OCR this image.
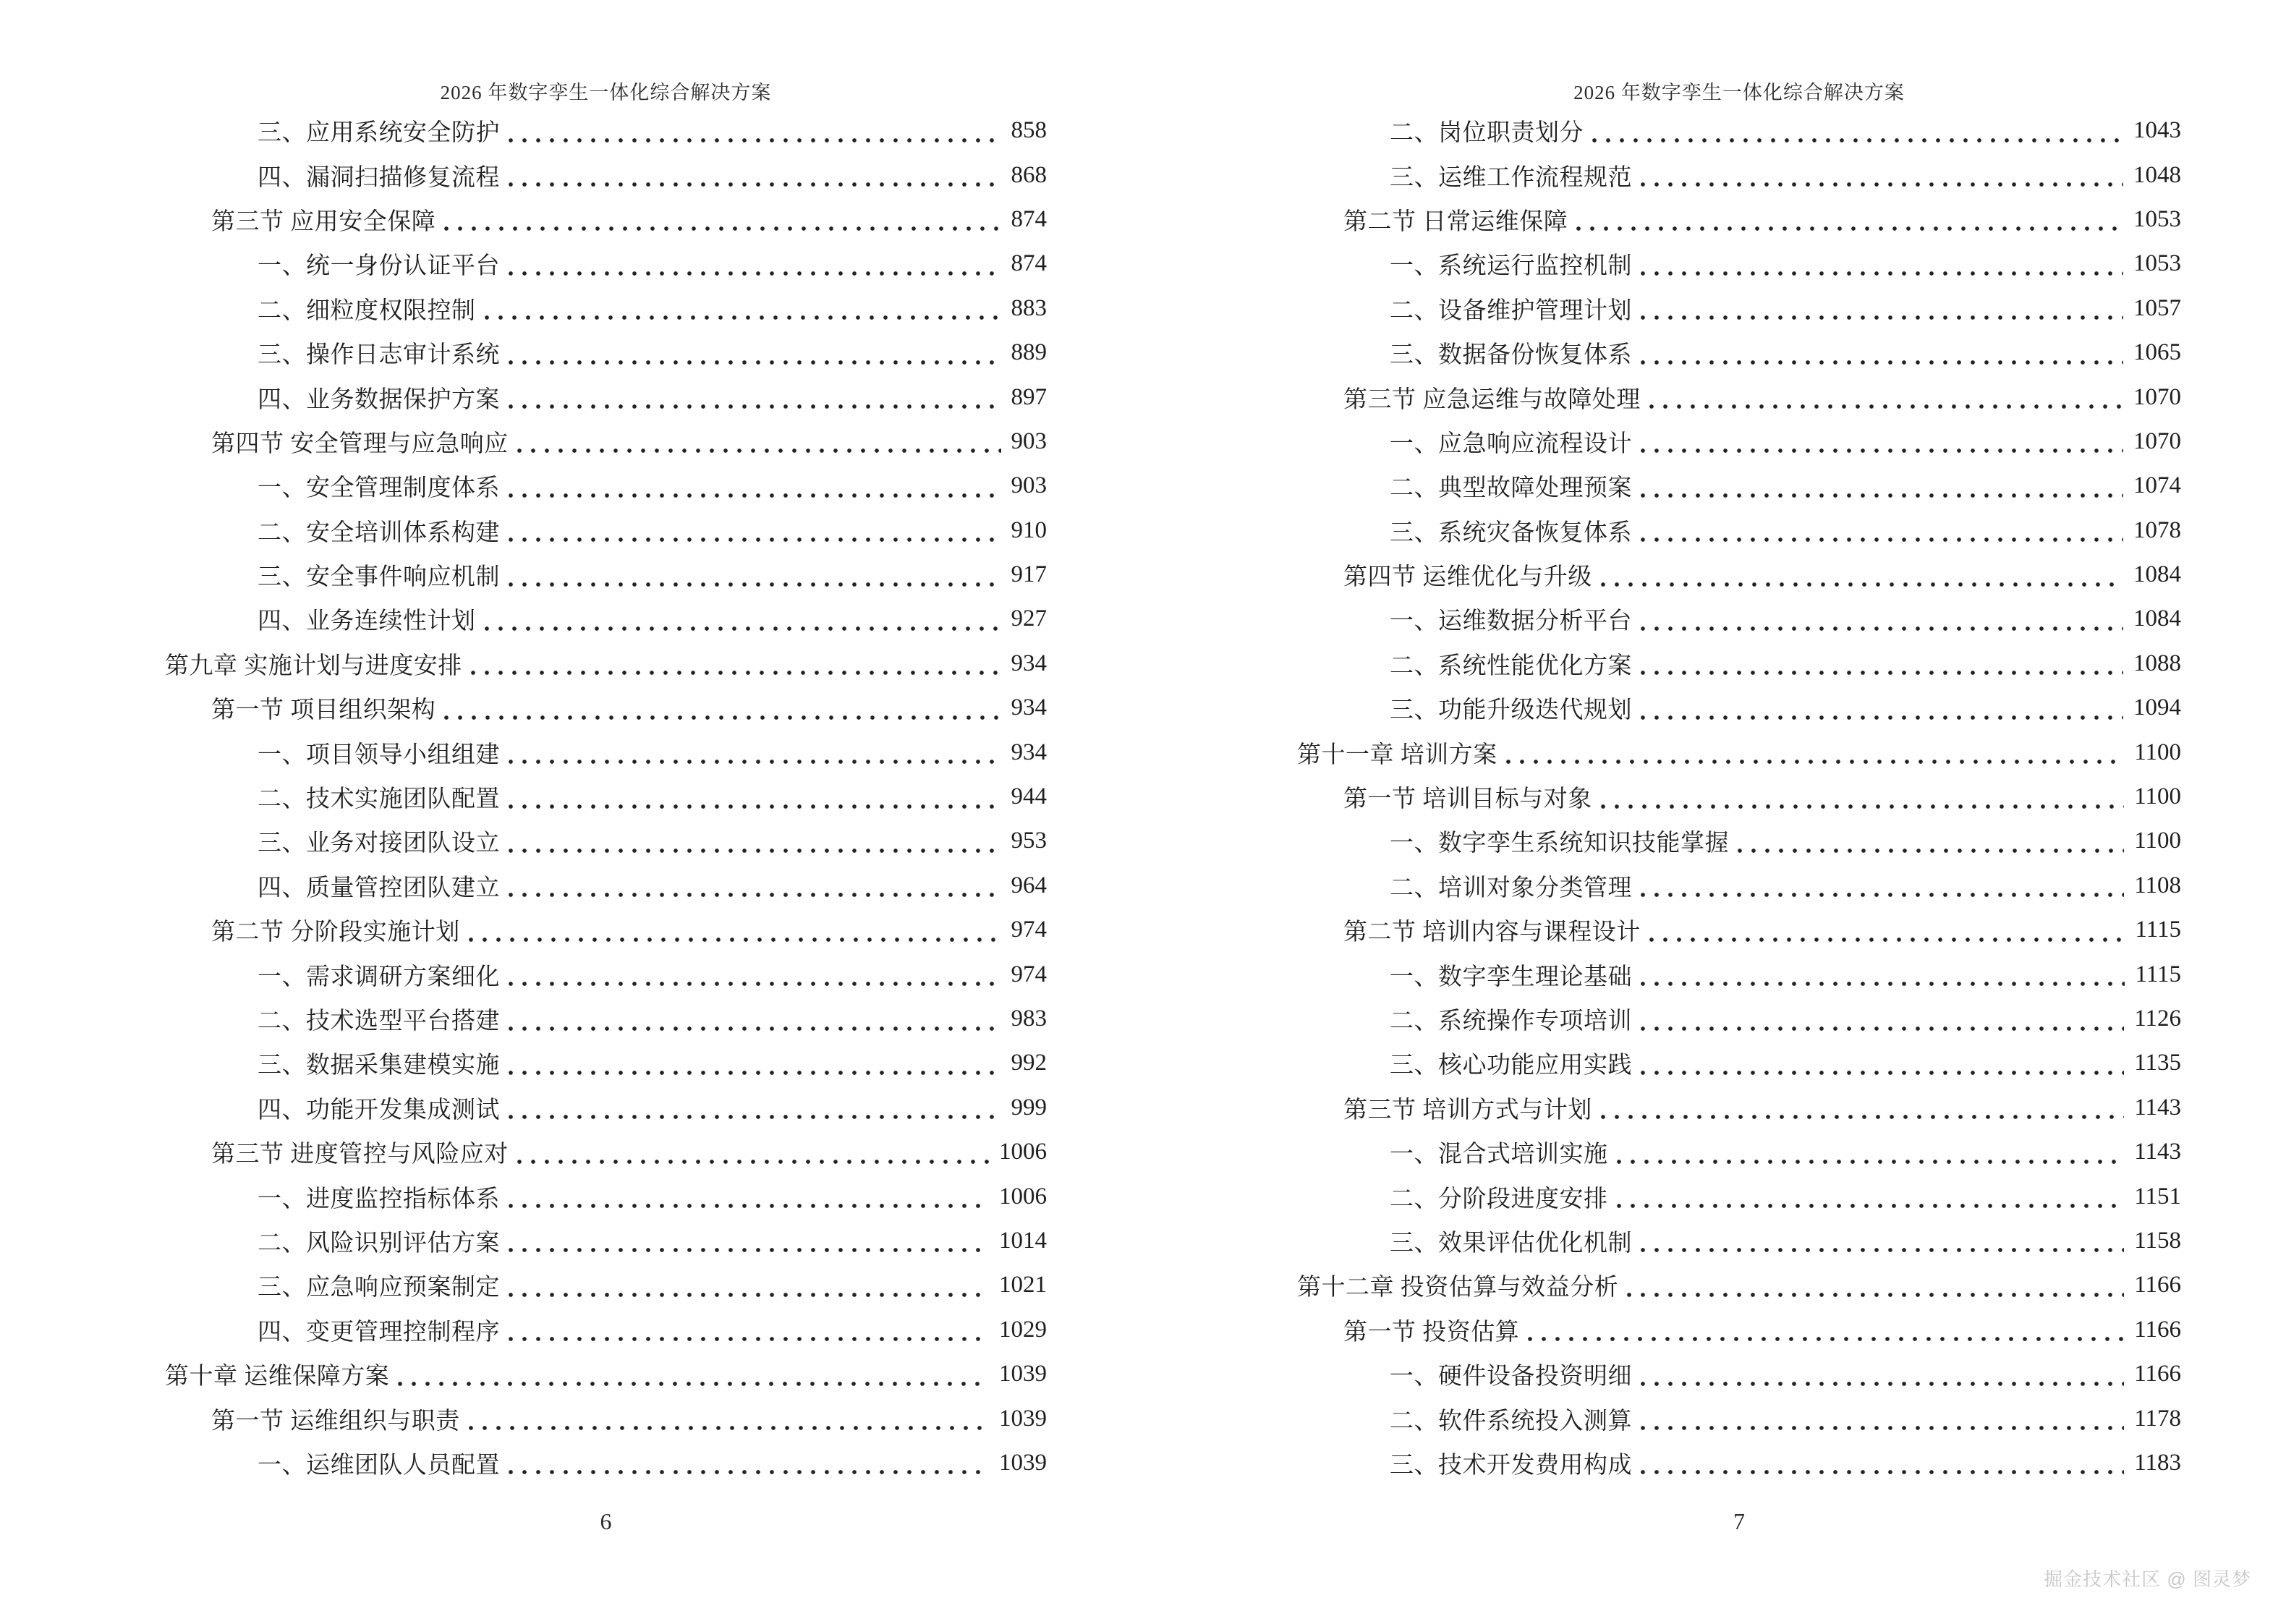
2026 年数字孪生一体化综合解决方案
三、应用系统安全防护	858
四、漏洞扫描修复流程	868
第三节 应用安全保障	874
一、统一身份认证平台	874
二、细粒度权限控制	883
三、操作日志审计系统	889
四、业务数据保护方案	897
第四节 安全管理与应急响应	903
一、安全管理制度体系	903
二、安全培训体系构建	910
三、安全事件响应机制	917
四、业务连续性计划	927
第九章 实施计划与进度安排	934
第一节 项目组织架构	934
一、项目领导小组组建	934
二、技术实施团队配置	944
三、业务对接团队设立	953
四、质量管控团队建立	964
第二节 分阶段实施计划	974
一、需求调研方案细化	974
二、技术选型平台搭建	983
三、数据采集建模实施	992
四、功能开发集成测试	999
第三节 进度管控与风险应对	1006
一、进度监控指标体系	1006
二、风险识别评估方案	1014
三、应急响应预案制定	1021
四、变更管理控制程序	1029
第十章 运维保障方案	1039
第一节 运维组织与职责	1039
一、运维团队人员配置	1039
6
2026 年数字孪生一体化综合解决方案
二、岗位职责划分	1043
三、运维工作流程规范	1048
第二节 日常运维保障	1053
一、系统运行监控机制	1053
二、设备维护管理计划	1057
三、数据备份恢复体系	1065
第三节 应急运维与故障处理	1070
一、应急响应流程设计	1070
二、典型故障处理预案	1074
三、系统灾备恢复体系	1078
第四节 运维优化与升级	1084
一、运维数据分析平台	1084
二、系统性能优化方案	1088
三、功能升级迭代规划	1094
第十一章 培训方案	1100
第一节 培训目标与对象	1100
一、数字孪生系统知识技能掌握	1100
二、培训对象分类管理	1108
第二节 培训内容与课程设计	1115
一、数字孪生理论基础	1115
二、系统操作专项培训	1126
三、核心功能应用实践	1135
第三节 培训方式与计划	1143
一、混合式培训实施	1143
二、分阶段进度安排	1151
三、效果评估优化机制	1158
第十二章 投资估算与效益分析	1166
第一节 投资估算	1166
一、硬件设备投资明细	1166
二、软件系统投入测算	1178
三、技术开发费用构成	1183
7
掘金技术社区 @ 图灵梦
